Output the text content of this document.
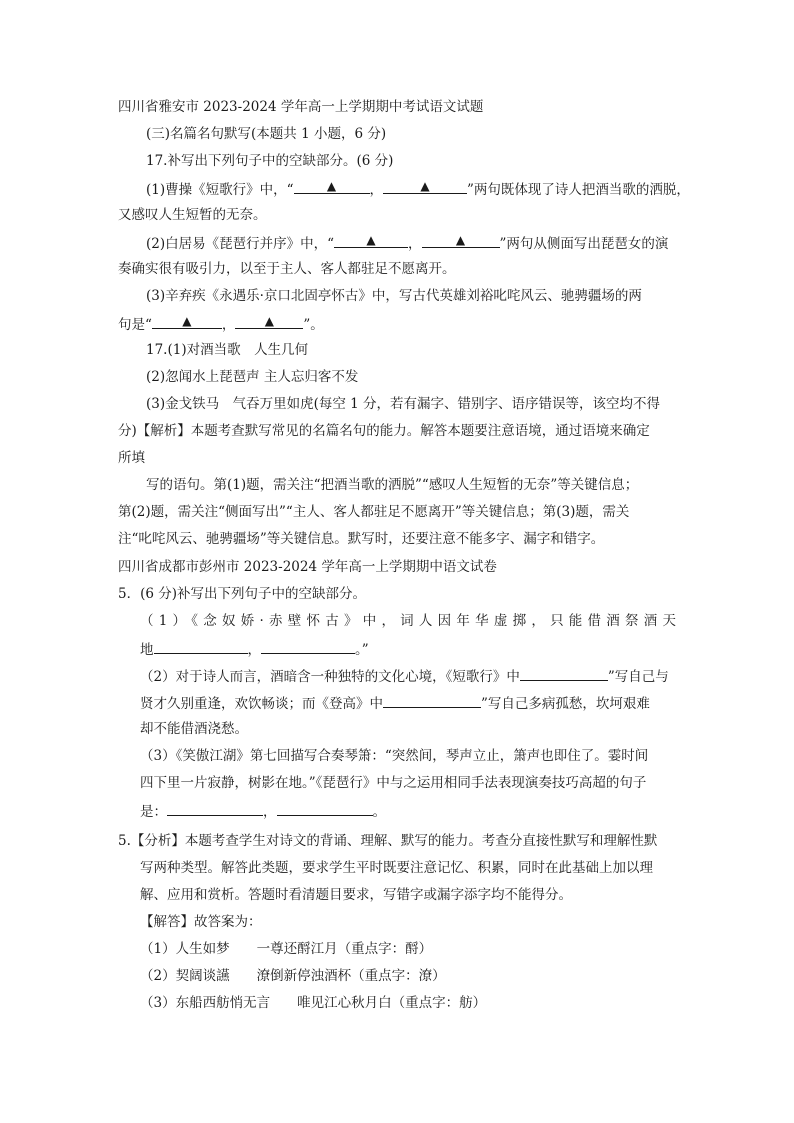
四川省雅安市 2023-2024 学年高一上学期期中考试语文试题
(三)名篇名句默写(本题共 1 小题，6 分)
17.补写出下列句子中的空缺部分。(6 分)
(1)曹操《短歌行》中，“	▲ ，	▲	”两句既体现了诗人把酒当歌的洒脱，
又感叹人生短暂的无奈。
(2)白居易《琵琶行并序》中，“	▲ ，	▲	”两句从侧面写出琵琶女的演
奏确实很有吸引力，以至于主人、客人都驻足不愿离开。
(3)辛弃疾《永遇乐·京口北固亭怀古》中，写古代英雄刘裕叱咤风云、驰骋疆场的两
句是“	▲ ， ▲ ”。
17.(1)对酒当歌　人生几何
(2)忽闻水上琵琶声 主人忘归客不发
(3)金戈铁马　气吞万里如虎(每空 1 分，若有漏字、错别字、语序错误等，该空均不得
分)【解析】本题考查默写常见的名篇名句的能力。解答本题要注意语境，通过语境来确定
所填
写的语句。第(1)题，需关注“把酒当歌的洒脱”“感叹人生短暂的无奈”等关键信息；
第(2)题，需关注“侧面写出”“主人、客人都驻足不愿离开”等关键信息；第(3)题，需关
注“叱咤风云、驰骋疆场”等关键信息。默写时，还要注意不能多字、漏字和错字。
四川省成都市彭州市 2023-2024 学年高一上学期期中语文试卷
5．(6 分)补写出下列句子中的空缺部分。
（1）《念奴娇·赤壁怀古》中，词人因年华虚掷，只能借酒祭酒天
地	，	。”
（2）对于诗人而言，酒暗含一种独特的文化心境，《短歌行》中	”写自己与
贤才久别重逢，欢饮畅谈；而《登高》中	”写自己多病孤愁，坎坷艰难
却不能借酒浇愁。
（3）《笑傲江湖》第七回描写合奏琴箫：“突然间，琴声立止，箫声也即住了。霎时间
四下里一片寂静，树影在地。”《琵琶行》中与之运用相同手法表现演奏技巧高超的句子
是：	，	。
5.【分析】本题考查学生对诗文的背诵、理解、默写的能力。考查分直接性默写和理解性默
写两种类型。解答此类题，要求学生平时既要注意记忆、积累，同时在此基础上加以理
解、应用和赏析。答题时看清题目要求，写错字或漏字添字均不能得分。
【解答】故答案为：
（1）人生如梦　　一尊还酹江月（重点字：酹）
（2）契阔谈讌　　潦倒新停浊酒杯（重点字：潦）
（3）东船西舫悄无言　　唯见江心秋月白（重点字：舫）
